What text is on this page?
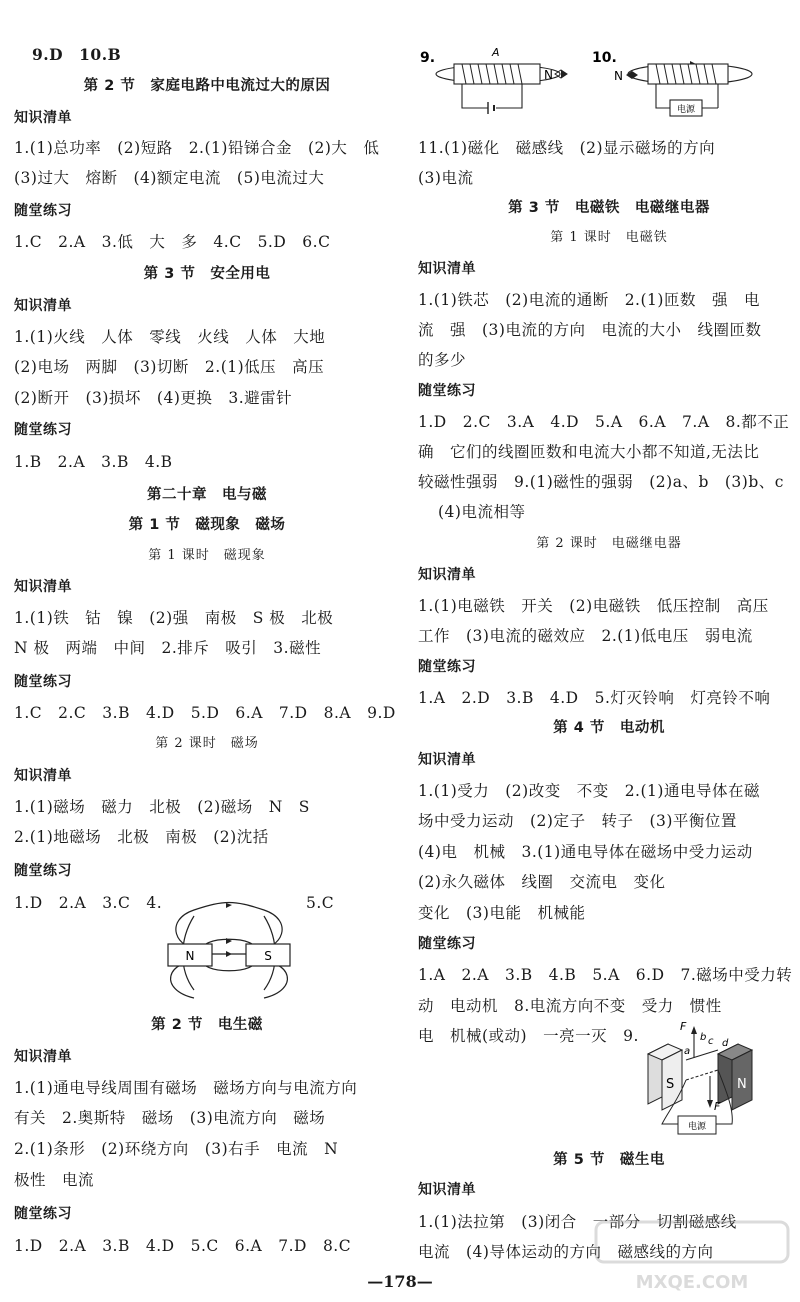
9.D　10.B
第 2 节　家庭电路中电流过大的原因
知识清单
1.(1)总功率　(2)短路　2.(1)铅锑合金　(2)大　低
(3)过大　熔断　(4)额定电流　(5)电流过大
随堂练习
1.C　2.A　3.低　大　多　4.C　5.D　6.C
第 3 节　安全用电
知识清单
1.(1)火线　人体　零线　火线　人体　大地
(2)电场　两脚　(3)切断　2.(1)低压　高压
(2)断开　(3)损坏　(4)更换　3.避雷针
随堂练习
1.B　2.A　3.B　4.B
第二十章　电与磁
第 1 节　磁现象　磁场
第 1 课时　磁现象
知识清单
1.(1)铁　钴　镍　(2)强　南极　S 极　北极
N 极　两端　中间　2.排斥　吸引　3.磁性
随堂练习
1.C　2.C　3.B　4.D　5.D　6.A　7.D　8.A　9.D
第 2 课时　磁场
知识清单
1.(1)磁场　磁力　北极　(2)磁场　N　S
2.(1)地磁场　北极　南极　(2)沈括
随堂练习
1.D　2.A　3.C　4.	5.C
N	S
第 2 节　电生磁
知识清单
1.(1)通电导线周围有磁场　磁场方向与电流方向
有关　2.奥斯特　磁场　(3)电流方向　磁场
2.(1)条形　(2)环绕方向　(3)右手　电流　N
极性　电流
随堂练习
1.D　2.A　3.B　4.D　5.C　6.A　7.D　8.C
9.	A
N
10.
N
电源
11.(1)磁化　磁感线　(2)显示磁场的方向
(3)电流
第 3 节　电磁铁　电磁继电器
第 1 课时　电磁铁
知识清单
1.(1)铁芯　(2)电流的通断　2.(1)匝数　强　电
流　强　(3)电流的方向　电流的大小　线圈匝数
的多少
随堂练习
1.D　2.C　3.A　4.D　5.A　6.A　7.A　8.都不正
确　它们的线圈匝数和电流大小都不知道,无法比
较磁性强弱　9.(1)磁性的强弱　(2)a、b　(3)b、c
(4)电流相等
第 2 课时　电磁继电器
知识清单
1.(1)电磁铁　开关　(2)电磁铁　低压控制　高压
工作　(3)电流的磁效应　2.(1)低电压　弱电流
随堂练习
1.A　2.D　3.B　4.D　5.灯灭铃响　灯亮铃不响
第 4 节　电动机
知识清单
1.(1)受力　(2)改变　不变　2.(1)通电导体在磁
场中受力运动　(2)定子　转子　(3)平衡位置
(4)电　机械　3.(1)通电导体在磁场中受力运动
(2)永久磁体　线圈　交流电　变化
变化　(3)电能　机械能
随堂练习
1.A　2.A　3.B　4.B　5.A　6.D　7.磁场中受力转
动　电动机　8.电流方向不变　受力　惯性
电　机械(或动)　一亮一灭　9.
S	N
F
F
b c
a
d
电源
第 5 节　磁生电
知识清单
1.(1)法拉第　(3)闭合　一部分　切割磁感线
电流　(4)导体运动的方向　磁感线的方向
—178—	MXQE.COM
